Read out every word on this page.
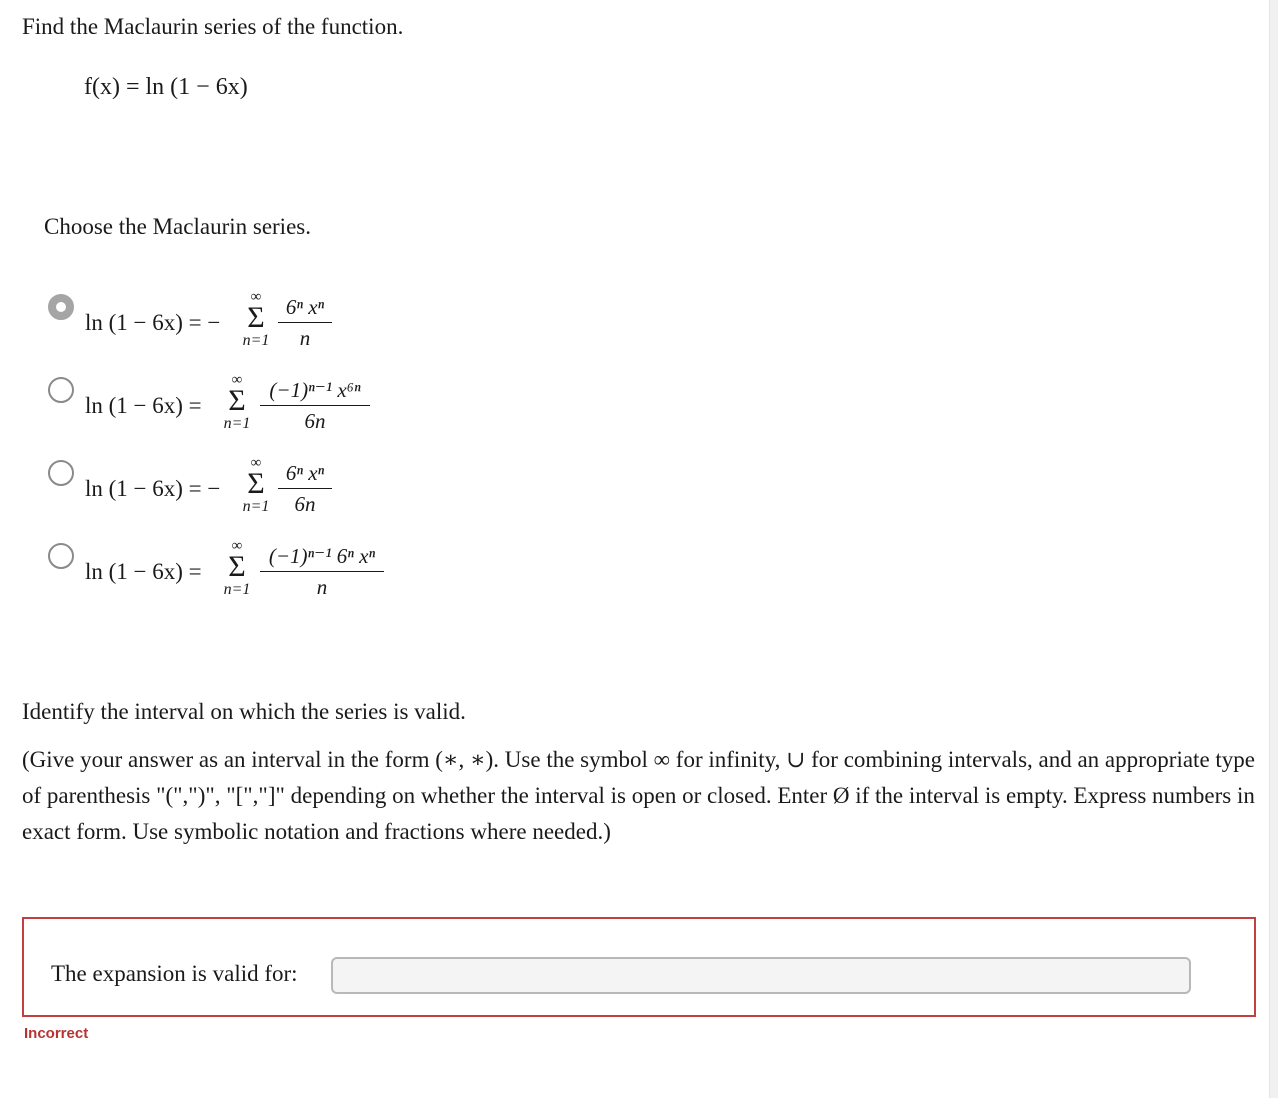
Find the Maclaurin series of the function.
f(x) = ln (1 − 6x)
Choose the Maclaurin series.
ln (1 − 6x) = −
∞
Σ
n=1
6ⁿ xⁿ
n
ln (1 − 6x) =
∞
Σ
n=1
(−1)ⁿ⁻¹ x⁶ⁿ
6n
ln (1 − 6x) = −
∞
Σ
n=1
6ⁿ xⁿ
6n
ln (1 − 6x) =
∞
Σ
n=1
(−1)ⁿ⁻¹ 6ⁿ xⁿ
n
Identify the interval on which the series is valid.
(Give your answer as an interval in the form (∗, ∗). Use the symbol ∞ for infinity, ∪ for combining intervals, and an appropriate type of parenthesis "(",")", "[","]" depending on whether the interval is open or closed. Enter Ø if the interval is empty. Express numbers in exact form. Use symbolic notation and fractions where needed.)
The expansion is valid for:
Incorrect
